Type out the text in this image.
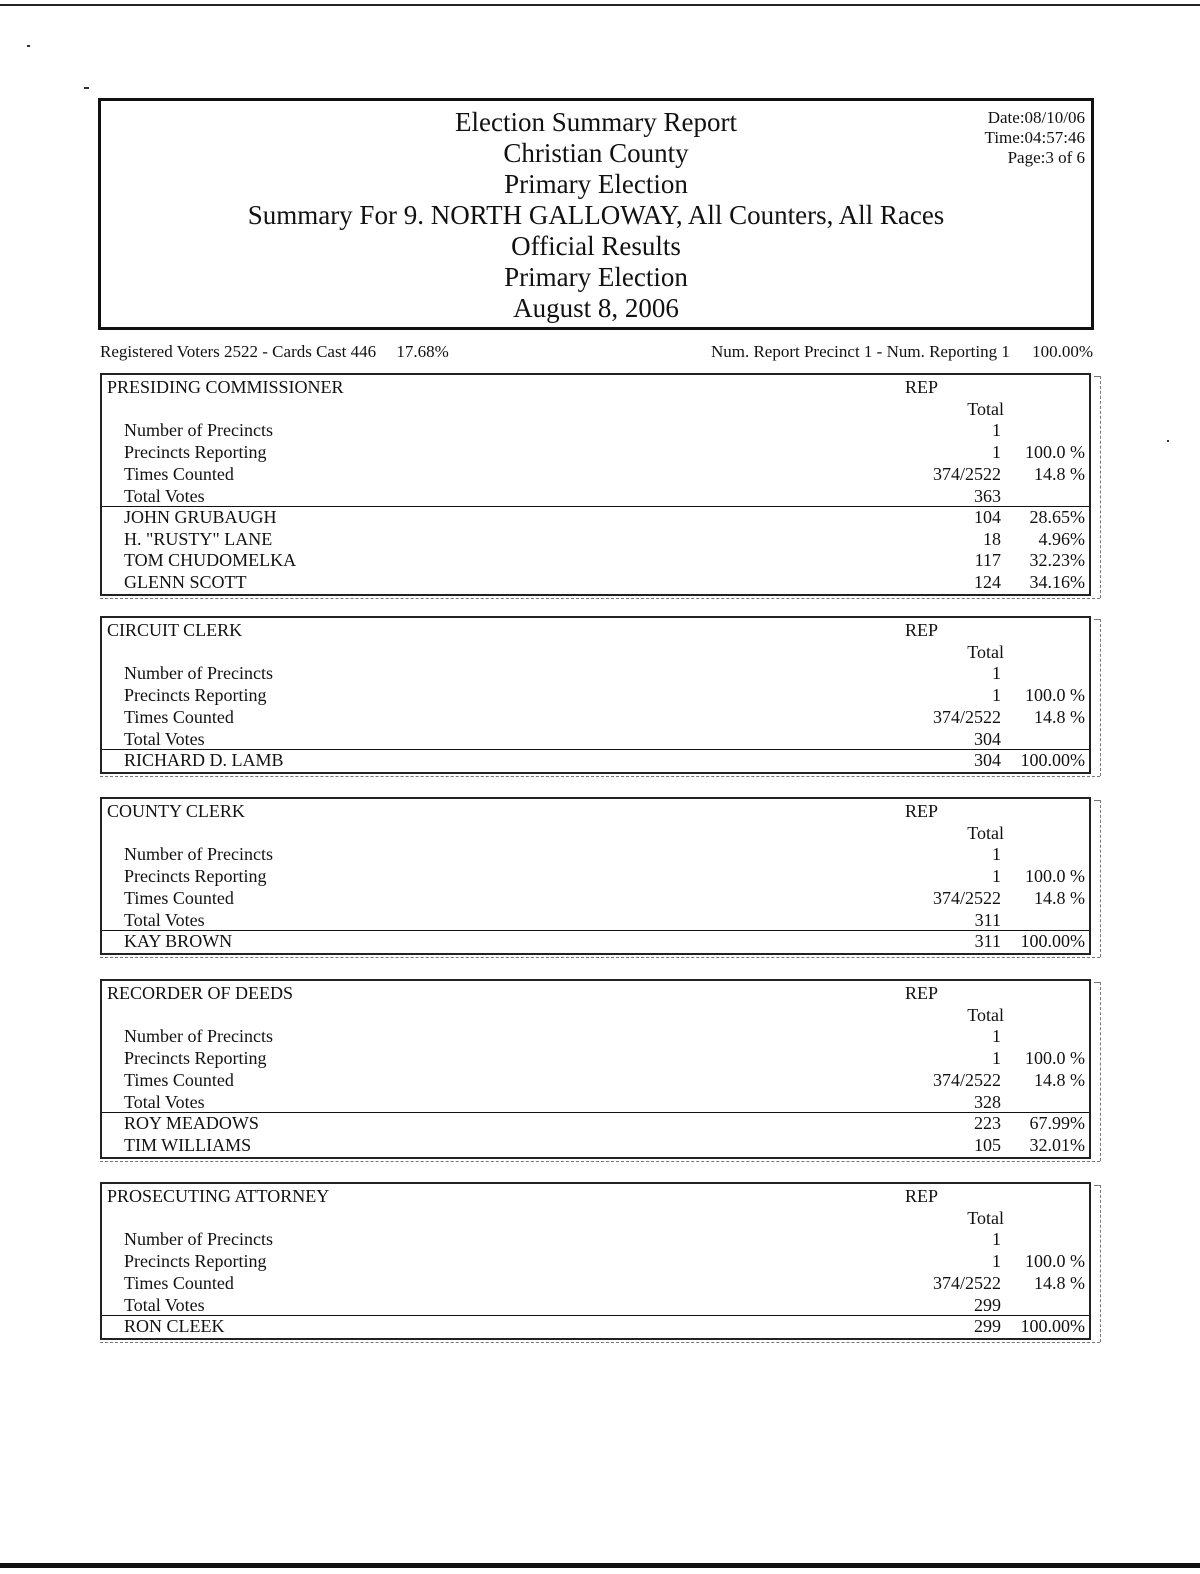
Election Summary Report
Christian County
Primary Election
Summary For 9. NORTH GALLOWAY, All Counters, All Races
Official Results
Primary Election
August 8, 2006
Date:08/10/06
Time:04:57:46
Page:3 of 6
Registered Voters 2522 - Cards Cast 446 17.68%	Num. Report Precinct 1 - Num. Reporting 1 100.00%
PRESIDING COMMISSIONER	REP
Total
Number of Precincts	1
Precincts Reporting	1 100.0 %
Times Counted	374/2522 14.8 %
Total Votes	363
JOHN GRUBAUGH	104 28.65%
H. "RUSTY" LANE	18 4.96%
TOM CHUDOMELKA	117 32.23%
GLENN SCOTT	124 34.16%
CIRCUIT CLERK	REP
Total
Number of Precincts	1
Precincts Reporting	1 100.0 %
Times Counted	374/2522 14.8 %
Total Votes	304
RICHARD D. LAMB	304 100.00%
COUNTY CLERK	REP
Total
Number of Precincts	1
Precincts Reporting	1 100.0 %
Times Counted	374/2522 14.8 %
Total Votes	311
KAY BROWN	311 100.00%
RECORDER OF DEEDS	REP
Total
Number of Precincts	1
Precincts Reporting	1 100.0 %
Times Counted	374/2522 14.8 %
Total Votes	328
ROY MEADOWS	223 67.99%
TIM WILLIAMS	105 32.01%
PROSECUTING ATTORNEY	REP
Total
Number of Precincts	1
Precincts Reporting	1 100.0 %
Times Counted	374/2522 14.8 %
Total Votes	299
RON CLEEK	299 100.00%
